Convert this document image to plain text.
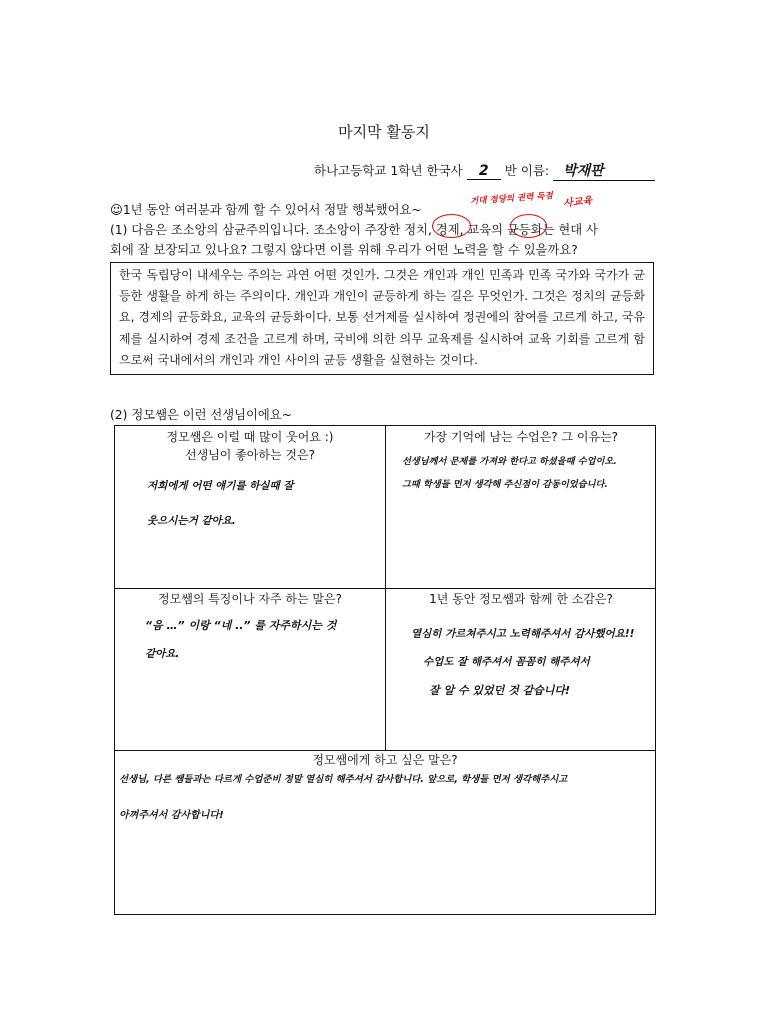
마지막 활동지
하나고등학교 1학년 한국사 2 반 이름: 박재판
☺1년 동안 여러분과 함께 할 수 있어서 정말 행복했어요~
거대 정당의 권력 독점 사교육
(1) 다음은 조소앙의 삼균주의입니다. 조소앙이 주장한 정치, 경제, 교육의 균등화는 현대 사
회에 잘 보장되고 있나요? 그렇지 않다면 이를 위해 우리가 어떤 노력을 할 수 있을까요?
한국 독립당이 내세우는 주의는 과연 어떤 것인가. 그것은 개인과 개인 민족과 민족 국가와 국가가 균등한 생활을 하게 하는 주의이다. 개인과 개인이 균등하게 하는 길은 무엇인가. 그것은 정치의 균등화요, 경제의 균등화요, 교육의 균등화이다. 보통 선거제를 실시하여 정권에의 참여를 고르게 하고, 국유제를 실시하여 경제 조건을 고르게 하며, 국비에 의한 의무 교육제를 실시하여 교육 기회를 고르게 함으로써 국내에서의 개인과 개인 사이의 균등 생활을 실현하는 것이다.
(2) 정모쌤은 이런 선생님이에요~
정모쌤은 이럴 때 많이 웃어요 :)
선생님이 좋아하는 것은?
저희에게 어떤 얘기를 하실때 잘
웃으시는거 같아요.
가장 기억에 남는 수업은? 그 이유는?
선생님께서 문제를 가져와 한다고 하셨을때 수업이오.
그때 학생들 먼저 생각해 주신점이 감동이었습니다.
정모쌤의 특징이나 자주 하는 말은?
“음 …” 이랑 “네 ..” 를 자주하시는 것
같아요.
1년 동안 정모쌤과 함께 한 소감은?
열심히 가르쳐주시고 노력해주셔서 감사했어요!!
수업도 잘 해주셔서 꼼꼼히 해주셔서
잘 알 수 있었던 것 같습니다!
정모쌤에게 하고 싶은 말은?
선생님, 다른 쌤들과는 다르게 수업준비 정말 열심히 해주셔서 감사합니다. 앞으로, 학생들 먼저 생각해주시고
아껴주셔서 감사합니다!
